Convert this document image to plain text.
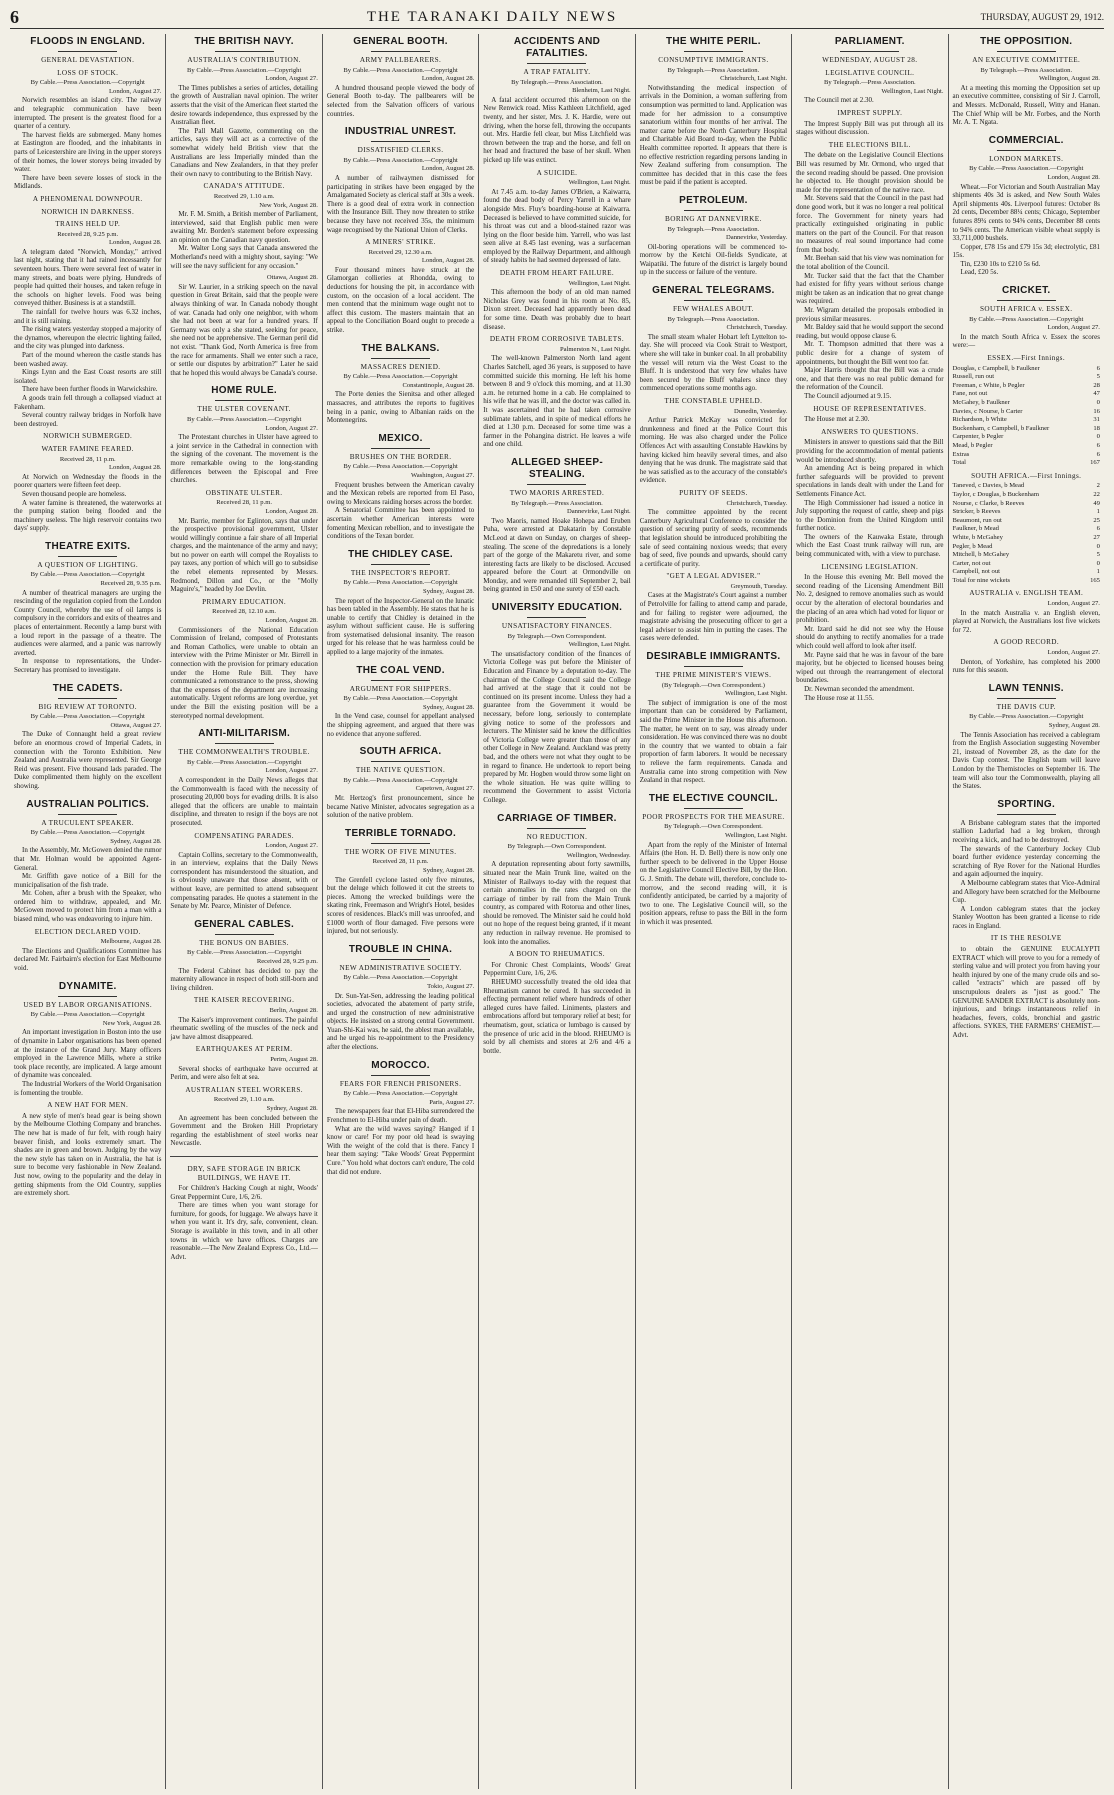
6	THE TARANAKI DAILY NEWS	THURSDAY, AUGUST 29, 1912.
FLOODS IN ENGLAND.
GENERAL DEVASTATION.
LOSS OF STOCK.
By Cable.—Press Association.—Copyright
London, August 27.

Norwich resembles an island city. The railway and telegraphic communication have been interrupted. The present is the greatest flood for a quarter of a century.

The harvest fields are submerged. Many homes at Eastington are flooded, and the inhabitants in parts of Leicestershire are living in the upper storeys of their homes, the lower storeys being invaded by water.

There have been severe losses of stock in the Midlands.

A PHENOMENAL DOWNPOUR.
NORWICH IN DARKNESS.
TRAINS HELD UP.
Received 28, 9.25 p.m.
London, August 28.

A telegram dated "Norwich, Monday," arrived last night, stating that it had rained incessantly for seventeen hours. There were several feet of water in many streets, and boats were plying. Hundreds of people had quitted their houses, and taken refuge in the schools on higher levels. Food was being conveyed thither. Business is at a standstill.

The rainfall for twelve hours was 6.32 inches, and it is still raining.

The rising waters yesterday stopped a majority of the dynamos, whereupon the electric lighting failed, and the city was plunged into darkness.

Part of the mound whereon the castle stands has been washed away.

Kings Lynn and the East Coast resorts are still isolated.

There have been further floods in Warwickshire.

A goods train fell through a collapsed viaduct at Fakenham.

Several country railway bridges in Norfolk have been destroyed.

NORWICH SUBMERGED.
WATER FAMINE FEARED.
Received 28, 11 p.m.
London, August 28.

At Norwich on Wednesday the floods in the poorer quarters were fifteen feet deep.

Seven thousand people are homeless.

A water famine is threatened, the waterworks at the pumping station being flooded and the machinery useless. The high reservoir contains two days' supply.

THEATRE EXITS.
A QUESTION OF LIGHTING.
By Cable.—Press Association.—Copyright
Received 28, 9.35 p.m.

A number of theatrical managers are urging the rescinding of the regulation copied from the London County Council, whereby the use of oil lamps is compulsory in the corridors and exits of theatres and places of entertainment. Recently a lamp burst with a loud report in the passage of a theatre. The audiences were alarmed, and a panic was narrowly averted.

In response to representations, the Under-Secretary has promised to investigate.

THE CADETS.
BIG REVIEW AT TORONTO.
By Cable.—Press Association.—Copyright
Ottawa, August 27.

The Duke of Connaught held a great review before an enormous crowd of Imperial Cadets, in connection with the Toronto Exhibition. New Zealand and Australia were represented. Sir George Reid was present. Five thousand lads paraded. The Duke complimented them highly on the excellent showing.

AUSTRALIAN POLITICS.
A TRUCULENT SPEAKER.
By Cable.—Press Association.—Copyright
Sydney, August 28.

In the Assembly, Mr. McGowen denied the rumor that Mr. Holman would be appointed Agent-General.

Mr. Griffith gave notice of a Bill for the municipalisation of the fish trade.

Mr. Cohen, after a brush with the Speaker, who ordered him to withdraw, appealed, and Mr. McGowen moved to protect him from a man with a biased mind, who was endeavoring to injure him.

ELECTION DECLARED VOID.
Melbourne, August 28.

The Elections and Qualifications Committee has declared Mr. Fairbairn's election for East Melbourne void.

DYNAMITE.
USED BY LABOR ORGANISATIONS.
By Cable.—Press Association.—Copyright
New York, August 28.

An important investigation in Boston into the use of dynamite in Labor organisations has been opened at the instance of the Grand Jury. Many officers employed in the Lawrence Mills, where a strike took place recently, are implicated. A large amount of dynamite was concealed.

The Industrial Workers of the World Organisation is fomenting the trouble.

A NEW HAT FOR MEN.

A new style of men's head gear is being shown by the Melbourne Clothing Company and branches. The new hat is made of fur felt, with rough hairy beaver finish, and looks extremely smart. The shades are in green and brown. Judging by the way the new style has taken on in Australia, the hat is sure to become very fashionable in New Zealand. Just now, owing to the popularity and the delay in getting shipments from the Old Country, supplies are extremely short.

THE BRITISH NAVY.
AUSTRALIA'S CONTRIBUTION.
By Cable.—Press Association.—Copyright
London, August 27.

The Times publishes a series of articles, detailing the growth of Australian naval opinion. The writer asserts that the visit of the American fleet started the desire towards independence, thus expressed by the Australian fleet.

The Pall Mall Gazette, commenting on the articles, says they will act as a corrective of the somewhat widely held British view that the Australians are less Imperially minded than the Canadians and New Zealanders, in that they prefer their own navy to contributing to the British Navy.

CANADA'S ATTITUDE.
Received 29, 1.10 a.m.
New York, August 28.

Mr. F. M. Smith, a British member of Parliament, interviewed, said that English public men were awaiting Mr. Borden's statement before expressing an opinion on the Canadian navy question.

Mr. Walter Long says that Canada answered the Motherland's need with a mighty shout, saying: "We will see the navy sufficient for any occasion."

Ottawa, August 28.

Sir W. Laurier, in a striking speech on the naval question in Great Britain, said that the people were always thinking of war. In Canada nobody thought of war. Canada had only one neighbor, with whom she had not been at war for a hundred years. If Germany was only a she stated, seeking for peace, she need not be apprehensive. The German peril did not exist. "Thank God, North America is free from the race for armaments. Shall we enter such a race, or settle our disputes by arbitration?" Later he said that he hoped this would always be Canada's course.

HOME RULE.
THE ULSTER COVENANT.
By Cable.—Press Association.—Copyright
London, August 27.

The Protestant churches in Ulster have agreed to a joint service in the Cathedral in connection with the signing of the covenant. The movement is the more remarkable owing to the long-standing differences between the Episcopal and Free churches.

OBSTINATE ULSTER.
Received 28, 11 p.m.
London, August 28.

Mr. Barrie, member for Eglinton, says that under the prospective provisional government, Ulster would willingly continue a fair share of all Imperial charges, and the maintenance of the army and navy; but no power on earth will compel the Royalists to pay taxes, any portion of which will go to subsidise the rebel elements represented by Messrs. Redmond, Dillon and Co., or the "Molly Maguire's," headed by Joe Devlin.

PRIMARY EDUCATION.
Received 28, 12.10 a.m.
London, August 28.

Commissioners of the National Education Commission of Ireland, composed of Protestants and Roman Catholics, were unable to obtain an interview with the Prime Minister or Mr. Birrell in connection with the provision for primary education under the Home Rule Bill. They have communicated a remonstrance to the press, showing that the expenses of the department are increasing automatically. Urgent reforms are long overdue, yet under the Bill the existing position will be a stereotyped normal development.

ANTI-MILITARISM.
THE COMMONWEALTH'S TROUBLE.
By Cable.—Press Association.—Copyright
London, August 27.

A correspondent in the Daily News alleges that the Commonwealth is faced with the necessity of prosecuting 20,000 boys for evading drills. It is also alleged that the officers are unable to maintain discipline, and threaten to resign if the boys are not prosecuted.

COMPENSATING PARADES.
London, August 27.

Captain Collins, secretary to the Commonwealth, in an interview, explains that the Daily News correspondent has misunderstood the situation, and is obviously unaware that those absent, with or without leave, are permitted to attend subsequent compensating parades. He quotes a statement in the Senate by Mr. Pearce, Minister of Defence.

GENERAL CABLES.
THE BONUS ON BABIES.
By Cable.—Press Association.—Copyright
Received 28, 9.25 p.m.

The Federal Cabinet has decided to pay the maternity allowance in respect of both still-born and living children.

THE KAISER RECOVERING.
Berlin, August 28.

The Kaiser's improvement continues. The painful rheumatic swelling of the muscles of the neck and jaw have almost disappeared.

EARTHQUAKES AT PERIM.
Perim, August 28.

Several shocks of earthquake have occurred at Perim, and were also felt at sea.

AUSTRALIAN STEEL WORKERS.
Received 29, 1.10 a.m.
Sydney, August 28.

An agreement has been concluded between the Government and the Broken Hill Proprietary regarding the establishment of steel works near Newcastle.

DRY, SAFE STORAGE IN BRICK BUILDINGS, WE HAVE IT.

For Children's Hacking Cough at night, Woods' Great Peppermint Cure, 1/6, 2/6.

There are times when you want storage for furniture, for goods, for luggage. We always have it when you want it. It's dry, safe, convenient, clean. Storage is available in this town, and in all other towns in which we have offices. Charges are reasonable.—The New Zealand Express Co., Ltd.—Advt.

GENERAL BOOTH.
ARMY PALLBEARERS.
By Cable.—Press Association.—Copyright
London, August 28.

A hundred thousand people viewed the body of General Booth to-day. The pallbearers will be selected from the Salvation officers of various countries.

INDUSTRIAL UNREST.
DISSATISFIED CLERKS.
By Cable.—Press Association.—Copyright
London, August 28.

A number of railwaymen dismissed for participating in strikes have been engaged by the Amalgamated Society as clerical staff at 30s a week. There is a good deal of extra work in connection with the Insurance Bill. They now threaten to strike because they have not received 35s, the minimum wage recognised by the National Union of Clerks.

A MINERS' STRIKE.
Received 29, 12.30 a.m.
London, August 28.

Four thousand miners have struck at the Glamorgan collieries at Rhondda, owing to deductions for housing the pit, in accordance with custom, on the occasion of a local accident. The men contend that the minimum wage ought not to affect this custom. The masters maintain that an appeal to the Conciliation Board ought to precede a strike.

THE BALKANS.
MASSACRES DENIED.
By Cable.—Press Association.—Copyright
Constantinople, August 28.

The Porte denies the Sienitsa and other alleged massacres, and attributes the reports to fugitives being in a panic, owing to Albanian raids on the Montenegrins.

MEXICO.
BRUSHES ON THE BORDER.
By Cable.—Press Association.—Copyright
Washington, August 27.

Frequent brushes between the American cavalry and the Mexican rebels are reported from El Paso, owing to Mexicans raiding horses across the border.

A Senatorial Committee has been appointed to ascertain whether American interests were fomenting Mexican rebellion, and to investigate the conditions of the Texan border.

THE CHIDLEY CASE.
THE INSPECTOR'S REPORT.
By Cable.—Press Association.—Copyright
Sydney, August 28.

The report of the Inspector-General on the lunatic has been tabled in the Assembly. He states that he is unable to certify that Chidley is detained in the asylum without sufficient cause. He is suffering from systematised delusional insanity. The reason urged for his release that he was harmless could be applied to a large majority of the inmates.

THE COAL VEND.
ARGUMENT FOR SHIPPERS.
By Cable.—Press Association.—Copyright
Sydney, August 28.

In the Vend case, counsel for appellant analysed the shipping agreement, and argued that there was no evidence that anyone suffered.

SOUTH AFRICA.
THE NATIVE QUESTION.
By Cable.—Press Association.—Copyright
Capetown, August 27.

Mr. Hertzog's first pronouncement, since he became Native Minister, advocates segregation as a solution of the native problem.

TERRIBLE TORNADO.
THE WORK OF FIVE MINUTES.
Received 28, 11 p.m.
Sydney, August 28.

The Grenfell cyclone lasted only five minutes, but the deluge which followed it cut the streets to pieces. Among the wrecked buildings were the skating rink, Freemason and Wright's Hotel, besides scores of residences. Black's mill was unroofed, and £1000 worth of flour damaged. Five persons were injured, but not seriously.

TROUBLE IN CHINA.
NEW ADMINISTRATIVE SOCIETY.
By Cable.—Press Association.—Copyright
Tokio, August 27.

Dr. Sun-Yat-Sen, addressing the leading political societies, advocated the abatement of party strife, and urged the construction of new administrative objects. He insisted on a strong central Government. Yuan-Shi-Kai was, he said, the ablest man available, and he urged his re-appointment to the Presidency after the elections.

MOROCCO.
FEARS FOR FRENCH PRISONERS.
By Cable.—Press Association.—Copyright
Paris, August 27.

The newspapers fear that El-Hiba surrendered the Frenchmen to El-Hiba under pain of death.

What are the wild waves saying? Hanged if I know or care! For my poor old head is swaying With the weight of the cold that is there. Fancy I hear them saying: "Take Woods' Great Peppermint Cure." You hold what doctors can't endure, The cold that did not endure.

ACCIDENTS AND FATALITIES.
A TRAP FATALITY.
By Telegraph.—Press Association.
Blenheim, Last Night.

A fatal accident occurred this afternoon on the New Renwick road. Miss Kathleen Litchfield, aged twenty, and her sister, Mrs. J. K. Hardie, were out driving, when the horse fell, throwing the occupants out. Mrs. Hardie fell clear, but Miss Litchfield was thrown between the trap and the horse, and fell on her head and fractured the base of her skull. When picked up life was extinct.

A SUICIDE.
Wellington, Last Night.

At 7.45 a.m. to-day James O'Brien, a Kaiwarra, found the dead body of Percy Yarrell in a whare alongside Mrs. Fluy's boarding-house at Kaiwarra. Deceased is believed to have committed suicide, for his throat was cut and a blood-stained razor was lying on the floor beside him. Yarrell, who was last seen alive at 8.45 last evening, was a surfaceman employed by the Railway Department, and although of steady habits he had seemed depressed of late.

DEATH FROM HEART FAILURE.
Wellington, Last Night.

This afternoon the body of an old man named Nicholas Grey was found in his room at No. 85, Dixon street. Deceased had apparently been dead for some time. Death was probably due to heart disease.

DEATH FROM CORROSIVE TABLETS.
Palmerston N., Last Night.

The well-known Palmerston North land agent Charles Satchell, aged 36 years, is supposed to have committed suicide this morning. He left his home between 8 and 9 o'clock this morning, and at 11.30 a.m. he returned home in a cab. He complained to his wife that he was ill, and the doctor was called in. It was ascertained that he had taken corrosive sublimate tablets, and in spite of medical efforts he died at 1.30 p.m. Deceased for some time was a farmer in the Pohangina district. He leaves a wife and one child.

ALLEGED SHEEP-STEALING.
TWO MAORIS ARRESTED.
By Telegraph.—Press Association.
Dannevirke, Last Night.

Two Maoris, named Hoake Hohepa and Eruben Puha, were arrested at Dakatarin by Constable McLeod at dawn on Sunday, on charges of sheep-stealing. The scene of the depredations is a lonely part of the gorge of the Makaretu river, and some interesting facts are likely to be disclosed. Accused appeared before the Court at Ormondville on Monday, and were remanded till September 2, bail being granted in £50 and one surety of £50 each.

UNIVERSITY EDUCATION.
UNSATISFACTORY FINANCES.
By Telegraph.—Own Correspondent.
Wellington, Last Night.

The unsatisfactory condition of the finances of Victoria College was put before the Minister of Education and Finance by a deputation to-day. The chairman of the College Council said the College had arrived at the stage that it could not be continued on its present income. Unless they had a guarantee from the Government it would be necessary, before long, seriously to contemplate giving notice to some of the professors and lecturers. The Minister said he knew the difficulties of Victoria College were greater than those of any other College in New Zealand. Auckland was pretty bad, and the others were not what they ought to be in regard to finance. He undertook to report being prepared by Mr. Hogben would throw some light on the whole situation. He was quite willing to recommend the Government to assist Victoria College.

CARRIAGE OF TIMBER.
NO REDUCTION.
By Telegraph.—Own Correspondent.
Wellington, Wednesday.

A deputation representing about forty sawmills, situated near the Main Trunk line, waited on the Minister of Railways to-day with the request that certain anomalies in the rates charged on the carriage of timber by rail from the Main Trunk country, as compared with Rotorua and other lines, should be removed. The Minister said he could hold out no hope of the request being granted, if it meant any reduction in railway revenue. He promised to look into the anomalies.

A BOON TO RHEUMATICS.

For Chronic Chest Complaints, Woods' Great Peppermint Cure, 1/6, 2/6.

RHEUMO successfully treated the old idea that Rheumatism cannot be cured. It has succeeded in effecting permanent relief where hundreds of other alleged cures have failed. Liniments, plasters and embrocations afford but temporary relief at best; for rheumatism, gout, sciatica or lumbago is caused by the presence of uric acid in the blood. RHEUMO is sold by all chemists and stores at 2/6 and 4/6 a bottle.

THE WHITE PERIL.
CONSUMPTIVE IMMIGRANTS.
By Telegraph.—Press Association.
Christchurch, Last Night.

Notwithstanding the medical inspection of arrivals in the Dominion, a woman suffering from consumption was permitted to land. Application was made for her admission to a consumptive sanatorium within four months of her arrival. The matter came before the North Canterbury Hospital and Charitable Aid Board to-day, when the Public Health committee reported. It appears that there is no effective restriction regarding persons landing in New Zealand suffering from consumption. The committee has decided that in this case the fees must be paid if the patient is accepted.

PETROLEUM.
BORING AT DANNEVIRKE.
By Telegraph.—Press Association.
Dannevirke, Yesterday.

Oil-boring operations will be commenced to-morrow by the Ketchi Oil-fields Syndicate, at Waipatiki. The future of the district is largely bound up in the success or failure of the venture.

GENERAL TELEGRAMS.
FEW WHALES ABOUT.
By Telegraph.—Press Association.
Christchurch, Tuesday.

The small steam whaler Hobart left Lyttelton to-day. She will proceed via Cook Strait to Westport, where she will take in bunker coal. In all probability the vessel will return via the West Coast to the Bluff. It is understood that very few whales have been secured by the Bluff whalers since they commenced operations some months ago.

THE CONSTABLE UPHELD.
Dunedin, Yesterday.

Arthur Patrick McKay was convicted for drunkenness and fined at the Police Court this morning. He was also charged under the Police Offences Act with assaulting Constable Hawkins by having kicked him heavily several times, and also denying that he was drunk. The magistrate said that he was satisfied as to the accuracy of the constable's evidence.

PURITY OF SEEDS.
Christchurch, Tuesday.

The committee appointed by the recent Canterbury Agricultural Conference to consider the question of securing purity of seeds, recommends that legislation should be introduced prohibiting the sale of seed containing noxious weeds; that every bag of seed, five pounds and upwards, should carry a certificate of purity.

"GET A LEGAL ADVISER."
Greymouth, Tuesday.

Cases at the Magistrate's Court against a number of Petrolville for failing to attend camp and parade, and for failing to register were adjourned, the magistrate advising the prosecuting officer to get a legal adviser to assist him in putting the cases. The cases were defended.

DESIRABLE IMMIGRANTS.
THE PRIME MINISTER'S VIEWS.
(By Telegraph.—Own Correspondent.)
Wellington, Last Night.

The subject of immigration is one of the most important than can be considered by Parliament, said the Prime Minister in the House this afternoon. The matter, he went on to say, was already under consideration. He was convinced there was no doubt in the country that we wanted to obtain a fair proportion of farm laborers. It would be necessary to relieve the farm requirements. Canada and Australia came into strong competition with New Zealand in that respect.

THE ELECTIVE COUNCIL.
POOR PROSPECTS FOR THE MEASURE.
By Telegraph.—Own Correspondent.
Wellington, Last Night.

Apart from the reply of the Minister of Internal Affairs (the Hon. H. D. Bell) there is now only one further speech to be delivered in the Upper House on the Legislative Council Elective Bill, by the Hon. G. J. Smith. The debate will, therefore, conclude to-morrow, and the second reading will, it is confidently anticipated, be carried by a majority of two to one. The Legislative Council will, so the position appears, refuse to pass the Bill in the form in which it was presented.

PARLIAMENT.
WEDNESDAY, AUGUST 28.
LEGISLATIVE COUNCIL.
By Telegraph.—Press Association.
Wellington, Last Night.

The Council met at 2.30.

IMPREST SUPPLY.

The Imprest Supply Bill was put through all its stages without discussion.

THE ELECTIONS BILL.

The debate on the Legislative Council Elections Bill was resumed by Mr. Ormond, who urged that the second reading should be passed. One provision he objected to. He thought provision should be made for the representation of the native race.

Mr. Stevens said that the Council in the past had done good work, but it was no longer a real political force. The Government for ninety years had practically extinguished originating in public matters on the part of the Council. For that reason no measures of real sound importance had come from that body.

Mr. Beehan said that his view was nomination for the total abolition of the Council.

Mr. Tucker said that the fact that the Chamber had existed for fifty years without serious change might be taken as an indication that no great change was required.

Mr. Wigram detailed the proposals embodied in previous similar measures.

Mr. Baldey said that he would support the second reading, but would oppose clause 6.

Mr. T. Thompson admitted that there was a public desire for a change of system of appointments, but thought the Bill went too far.

Major Harris thought that the Bill was a crude one, and that there was no real public demand for the reformation of the Council.

The Council adjourned at 9.15.

HOUSE OF REPRESENTATIVES.

The House met at 2.30.

ANSWERS TO QUESTIONS.

Ministers in answer to questions said that the Bill providing for the accommodation of mental patients would be introduced shortly.

An amending Act is being prepared in which further safeguards will be provided to prevent speculations in lands dealt with under the Land for Settlements Finance Act.

The High Commissioner had issued a notice in July supporting the request of cattle, sheep and pigs to the Dominion from the United Kingdom until further notice.

The owners of the Kauwaka Estate, through which the East Coast trunk railway will run, are being communicated with, with a view to purchase.

LICENSING LEGISLATION.

In the House this evening Mr. Bell moved the second reading of the Licensing Amendment Bill No. 2, designed to remove anomalies such as would occur by the alteration of electoral boundaries and the placing of an area which had voted for liquor or prohibition.

Mr. Izard said he did not see why the House should do anything to rectify anomalies for a trade which could well afford to look after itself.

Mr. Payne said that he was in favour of the bare majority, but he objected to licensed houses being wiped out through the rearrangement of electoral boundaries.

Dr. Newman seconded the amendment.

The House rose at 11.55.

THE OPPOSITION.
AN EXECUTIVE COMMITTEE.
By Telegraph.—Press Association.
Wellington, August 28.

At a meeting this morning the Opposition set up an executive committee, consisting of Sir J. Carroll, and Messrs. McDonald, Russell, Witty and Hanan. The Chief Whip will be Mr. Forbes, and the North Mr. A. T. Ngata.

COMMERCIAL.
LONDON MARKETS.
By Cable.—Press Association.—Copyright
London, August 28.

Wheat.—For Victorian and South Australian May shipments 40s 3d is asked, and New South Wales April shipments 40s. Liverpool futures: October 8s 2d cents, December 88¼ cents; Chicago, September futures 89¾ cents to 94⅝ cents, December 88 cents to 94⅝ cents. The American visible wheat supply is 33,711,000 bushels.

Copper, £78 15s and £79 15s 3d; electrolytic, £81 15s.

Tin, £230 10s to £210 5s 6d.

Lead, £20 5s.

CRICKET.
SOUTH AFRICA v. ESSEX.
By Cable.—Press Association.—Copyright
London, August 27.

In the match South Africa v. Essex the scores were:—

ESSEX.—First Innings.
Douglas, c Campbell, b Faulkner	6
Russell, run out	5
Freeman, c White, b Pegler	28
Fane, not out	47
McGahey, b Faulkner	0
Davies, c Nourse, b Carter	16
Richardson, b White	31
Buckenham, c Campbell, b Faulkner	18
Carpenter, b Pegler	0
Mead, b Pegler	6
Extras	6
Total	167
SOUTH AFRICA.—First Innings.
Taneved, c Davies, b Mead	2
Taylor, c Douglas, b Buckenham	22
Nourse, c Clarke, b Reeves	49
Stricker, b Reeves	1
Beaumont, run out	25
Faulkner, b Mead	6
White, b McGahey	27
Pegler, b Mead	0
Mitchell, b McGahey	5
Carter, not out	0
Campbell, not out	1
Total for nine wickets	165
AUSTRALIA v. ENGLISH TEAM.
London, August 27.

In the match Australia v. an English eleven, played at Norwich, the Australians lost five wickets for 72.

A GOOD RECORD.
London, August 27.

Denton, of Yorkshire, has completed his 2000 runs for this season.

LAWN TENNIS.
THE DAVIS CUP.
By Cable.—Press Association.—Copyright
Sydney, August 28.

The Tennis Association has received a cablegram from the English Association suggesting November 21, instead of November 28, as the date for the Davis Cup contest. The English team will leave London by the Themistocles on September 16. The team will also tour the Commonwealth, playing all the States.

SPORTING.

A Brisbane cablegram states that the imported stallion Ladurlad had a leg broken, through receiving a kick, and had to be destroyed.

The stewards of the Canterbury Jockey Club board further evidence yesterday concerning the scratching of Rye Rover for the National Hurdles and again adjourned the inquiry.

A Melbourne cablegram states that Vice-Admiral and Allegory have been scratched for the Melbourne Cup.

A London cablegram states that the jockey Stanley Wootton has been granted a license to ride races in England.

IT IS THE RESOLVE

to obtain the GENUINE EUCALYPTI EXTRACT which will prove to you for a remedy of sterling value and will protect you from having your health injured by one of the many crude oils and so-called "extracts" which are passed off by unscrupulous dealers as "just as good." The GENUINE SANDER EXTRACT is absolutely non-injurious, and brings instantaneous relief in headaches, fevers, colds, bronchial and gastric affections. SYKES, THE FARMERS' CHEMIST.—Advt.
